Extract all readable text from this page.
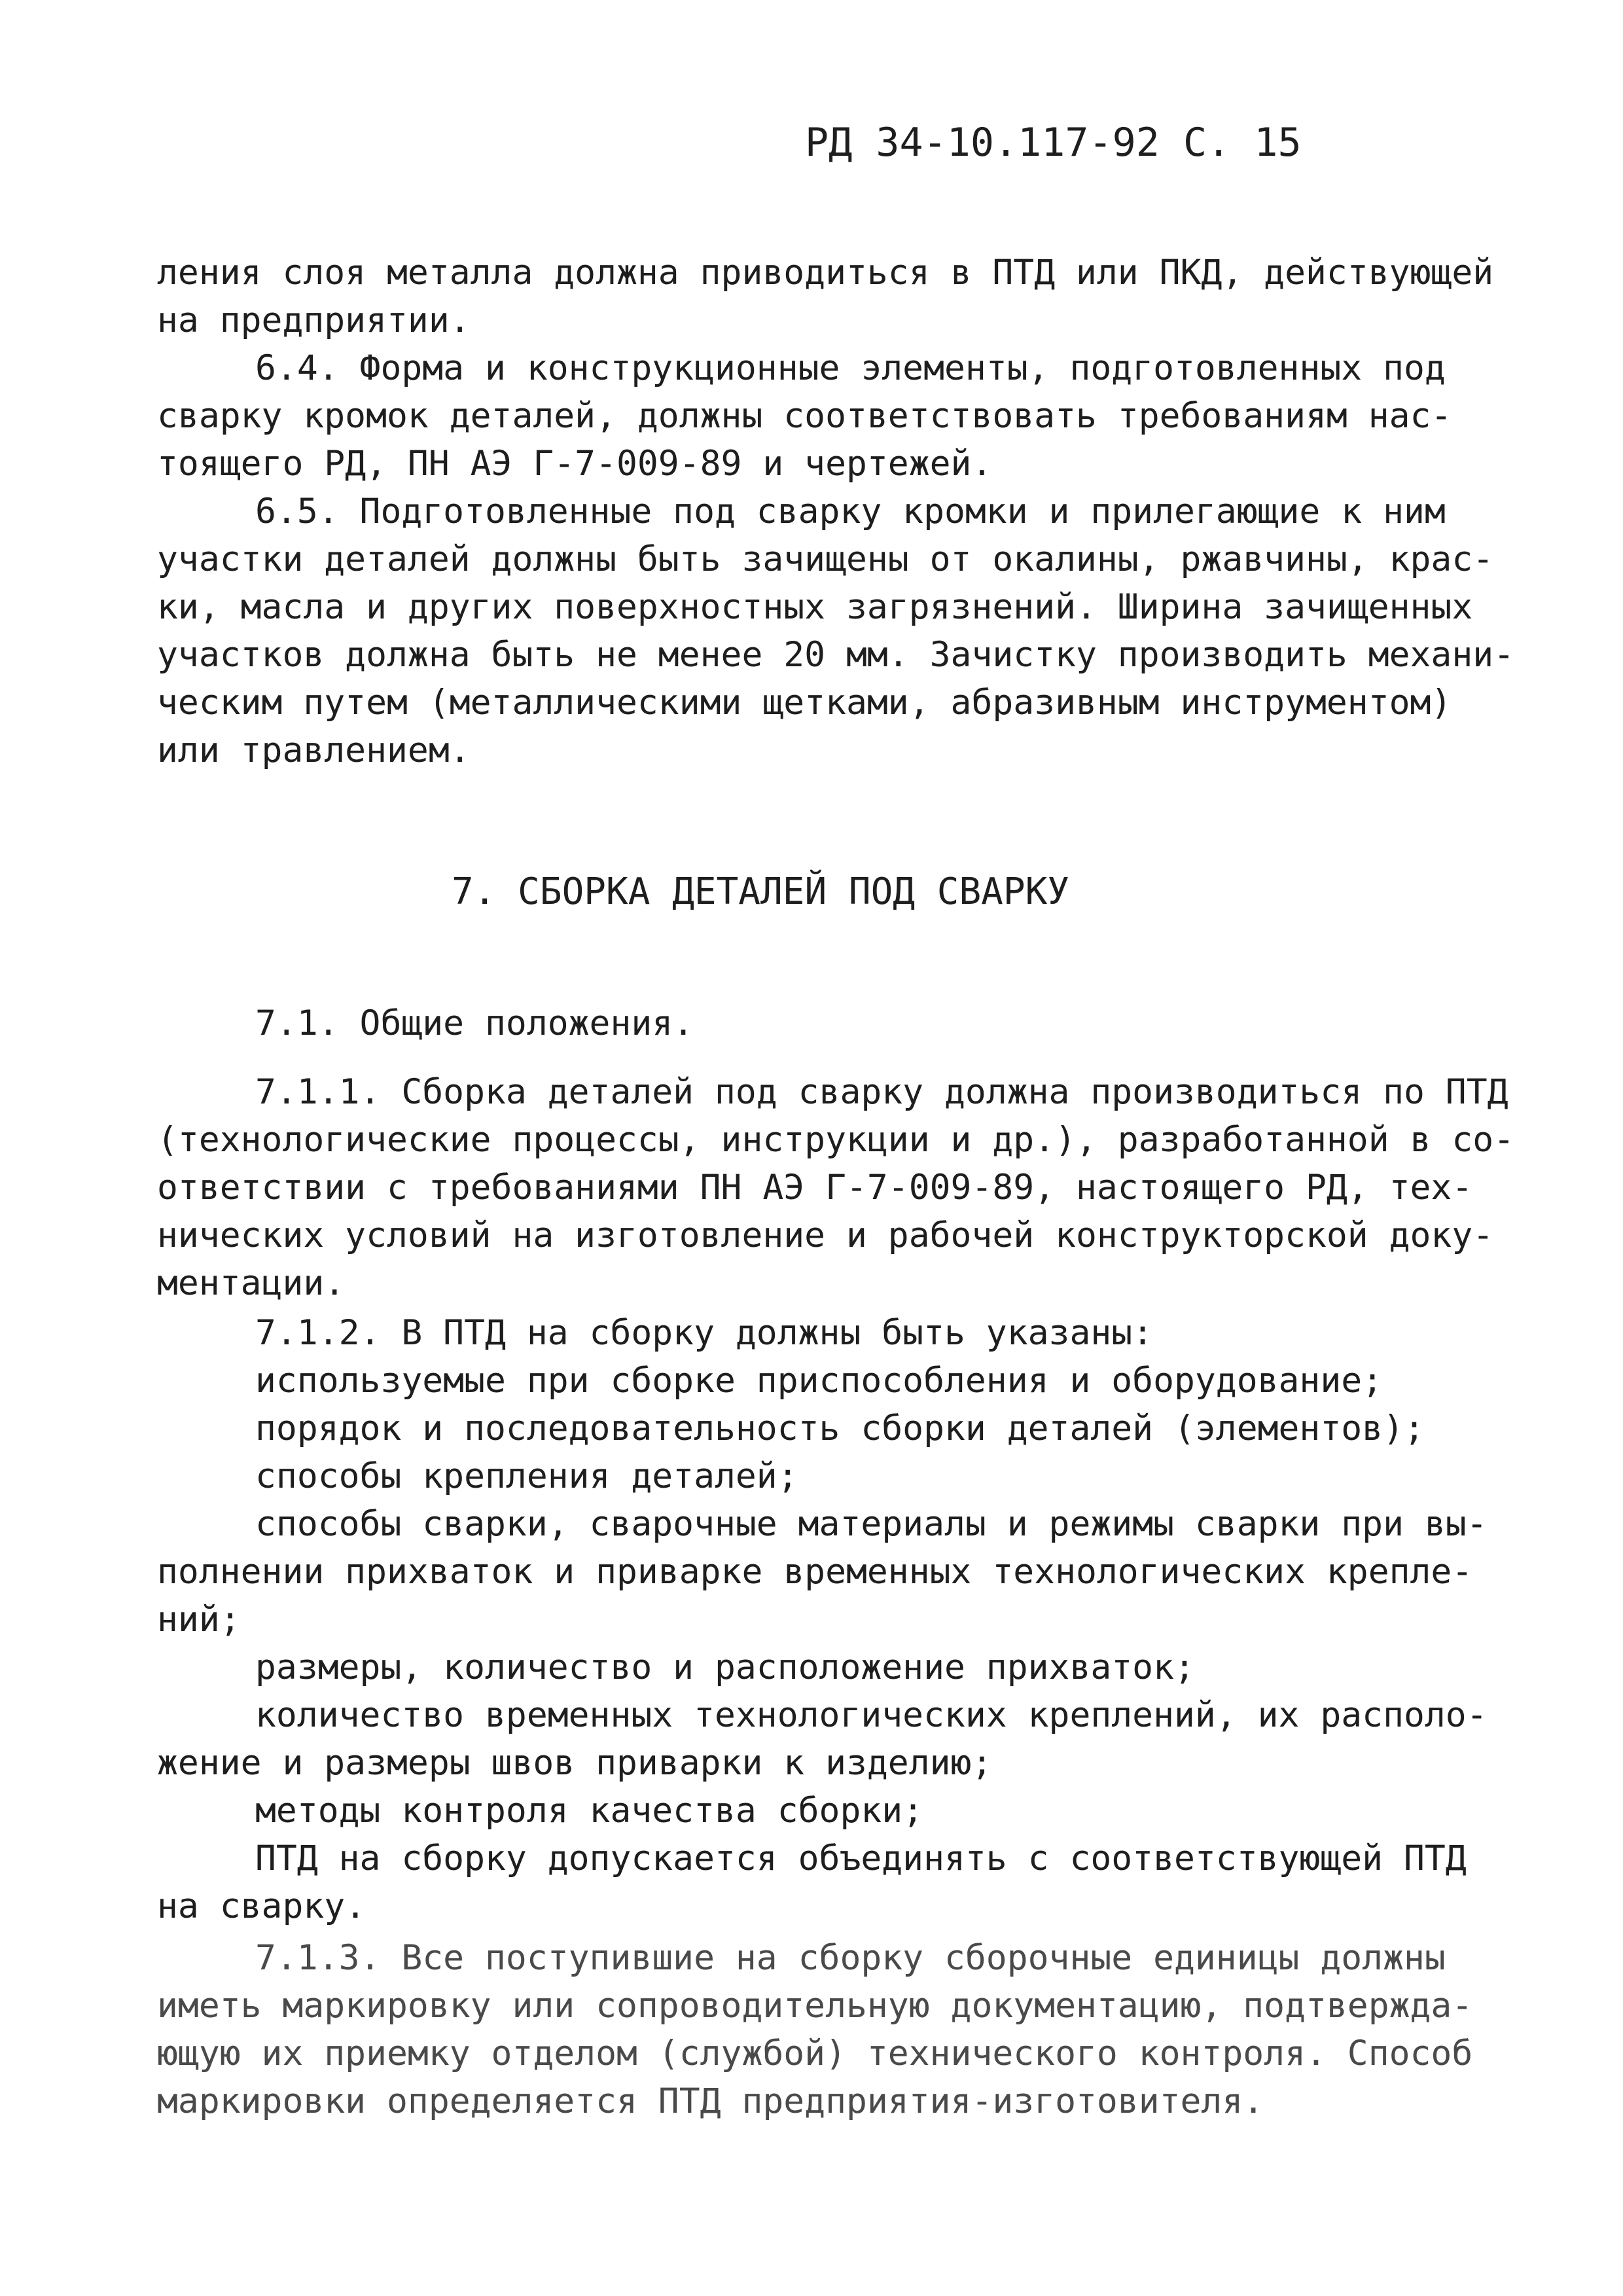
РД 34-10.117-92 С. 15

ления слоя металла должна приводиться в ПТД или ПКД, действующей

на предприятии.

6.4. Форма и конструкционные элементы, подготовленных под

сварку кромок деталей, должны соответствовать требованиям нас-

тоящего РД, ПН АЭ Г-7-009-89 и чертежей.

6.5. Подготовленные под сварку кромки и прилегающие к ним

участки деталей должны быть зачищены от окалины, ржавчины, крас-

ки, масла и других поверхностных загрязнений. Ширина зачищенных

участков должна быть не менее 20 мм. Зачистку производить механи-

ческим путем (металлическими щетками, абразивным инструментом)

или травлением.

7. СБОРКА ДЕТАЛЕЙ ПОД СВАРКУ

7.1. Общие положения.

7.1.1. Сборка деталей под сварку должна производиться по ПТД

(технологические процессы, инструкции и др.), разработанной в со-

ответствии с требованиями ПН АЭ Г-7-009-89, настоящего РД, тех-

нических условий на изготовление и рабочей конструкторской доку-

ментации.

7.1.2. В ПТД на сборку должны быть указаны:

используемые при сборке приспособления и оборудование;

порядок и последовательность сборки деталей (элементов);

способы крепления деталей;

способы сварки, сварочные материалы и режимы сварки при вы-

полнении прихваток и приварке временных технологических крепле-

ний;

размеры, количество и расположение прихваток;

количество временных технологических креплений, их располо-

жение и размеры швов приварки к изделию;

методы контроля качества сборки;

ПТД на сборку допускается объединять с соответствующей ПТД

на сварку.

7.1.3. Все поступившие на сборку сборочные единицы должны

иметь маркировку или сопроводительную документацию, подтвержда-

ющую их приемку отделом (службой) технического контроля. Способ

маркировки определяется ПТД предприятия-изготовителя.
